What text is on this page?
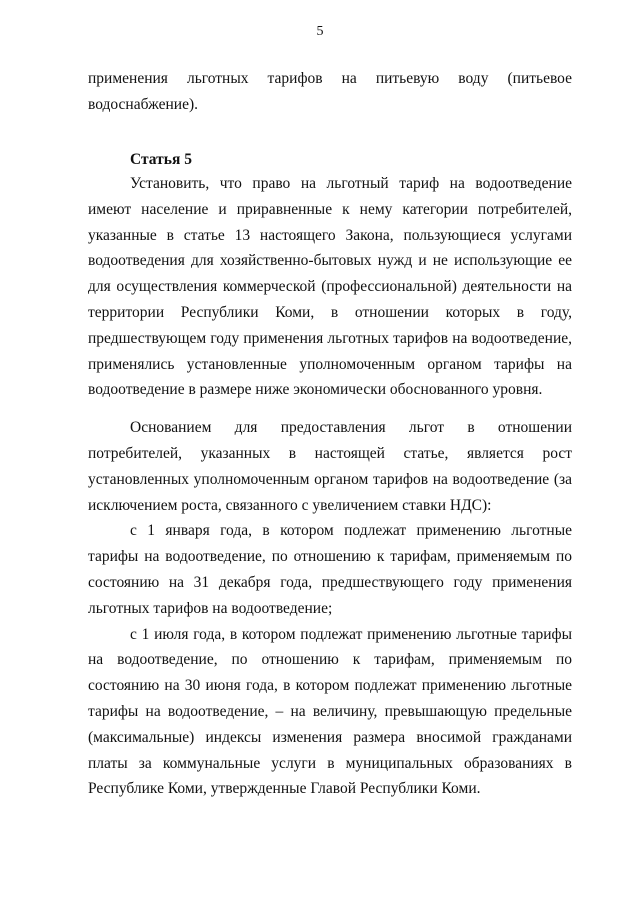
5

применения льготных тарифов на питьевую воду (питьевое

водоснабжение).

Статья 5

Установить, что право на льготный тариф на водоотведение имеют население и приравненные к нему категории потребителей, указанные в статье 13 настоящего Закона, пользующиеся услугами водоотведения для хозяйственно-бытовых нужд и не использующие ее для осуществления коммерческой (профессиональной) деятельности на территории Республики Коми, в отношении которых в году, предшествующем году применения льготных тарифов на водоотведение, применялись установленные уполномоченным органом тарифы на водоотведение в размере ниже экономически обоснованного уровня.

Основанием для предоставления льгот в отношении потребителей, указанных в настоящей статье, является рост установленных уполномоченным органом тарифов на водоотведение (за исключением роста, связанного с увеличением ставки НДС):

с 1 января года, в котором подлежат применению льготные тарифы на водоотведение, по отношению к тарифам, применяемым по состоянию на 31 декабря года, предшествующего году применения льготных тарифов на водоотведение;

с 1 июля года, в котором подлежат применению льготные тарифы на водоотведение, по отношению к тарифам, применяемым по состоянию на 30 июня года, в котором подлежат применению льготные тарифы на водоотведение, – на величину, превышающую предельные (максимальные) индексы изменения размера вносимой гражданами платы за коммунальные услуги в муниципальных образованиях в Республике Коми, утвержденные Главой Республики Коми.
